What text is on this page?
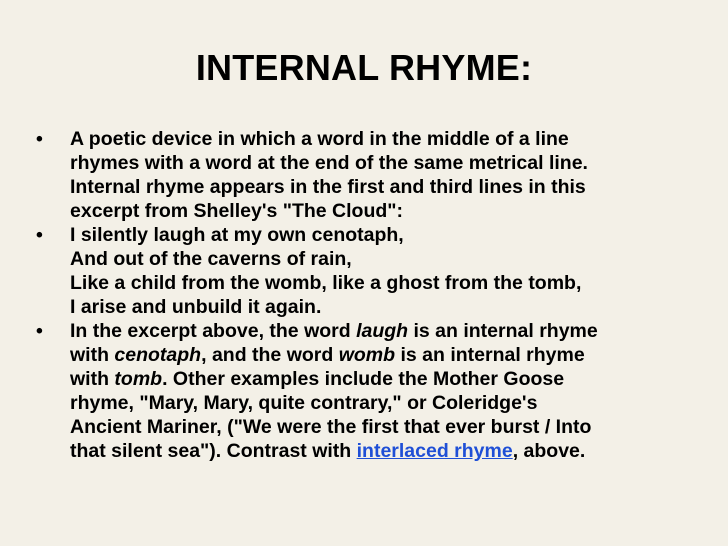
INTERNAL RHYME:
•	A poetic device in which a word in the middle of a line
rhymes with a word at the end of the same metrical line.
Internal rhyme appears in the first and third lines in this
excerpt from Shelley's "The Cloud":
•	I silently laugh at my own cenotaph,
And out of the caverns of rain,
Like a child from the womb, like a ghost from the tomb,
I arise and unbuild it again.
•	In the excerpt above, the word laugh is an internal rhyme
with cenotaph, and the word womb is an internal rhyme
with tomb. Other examples include the Mother Goose
rhyme, "Mary, Mary, quite contrary," or Coleridge's
Ancient Mariner, ("We were the first that ever burst / Into
that silent sea"). Contrast with interlaced rhyme, above.
